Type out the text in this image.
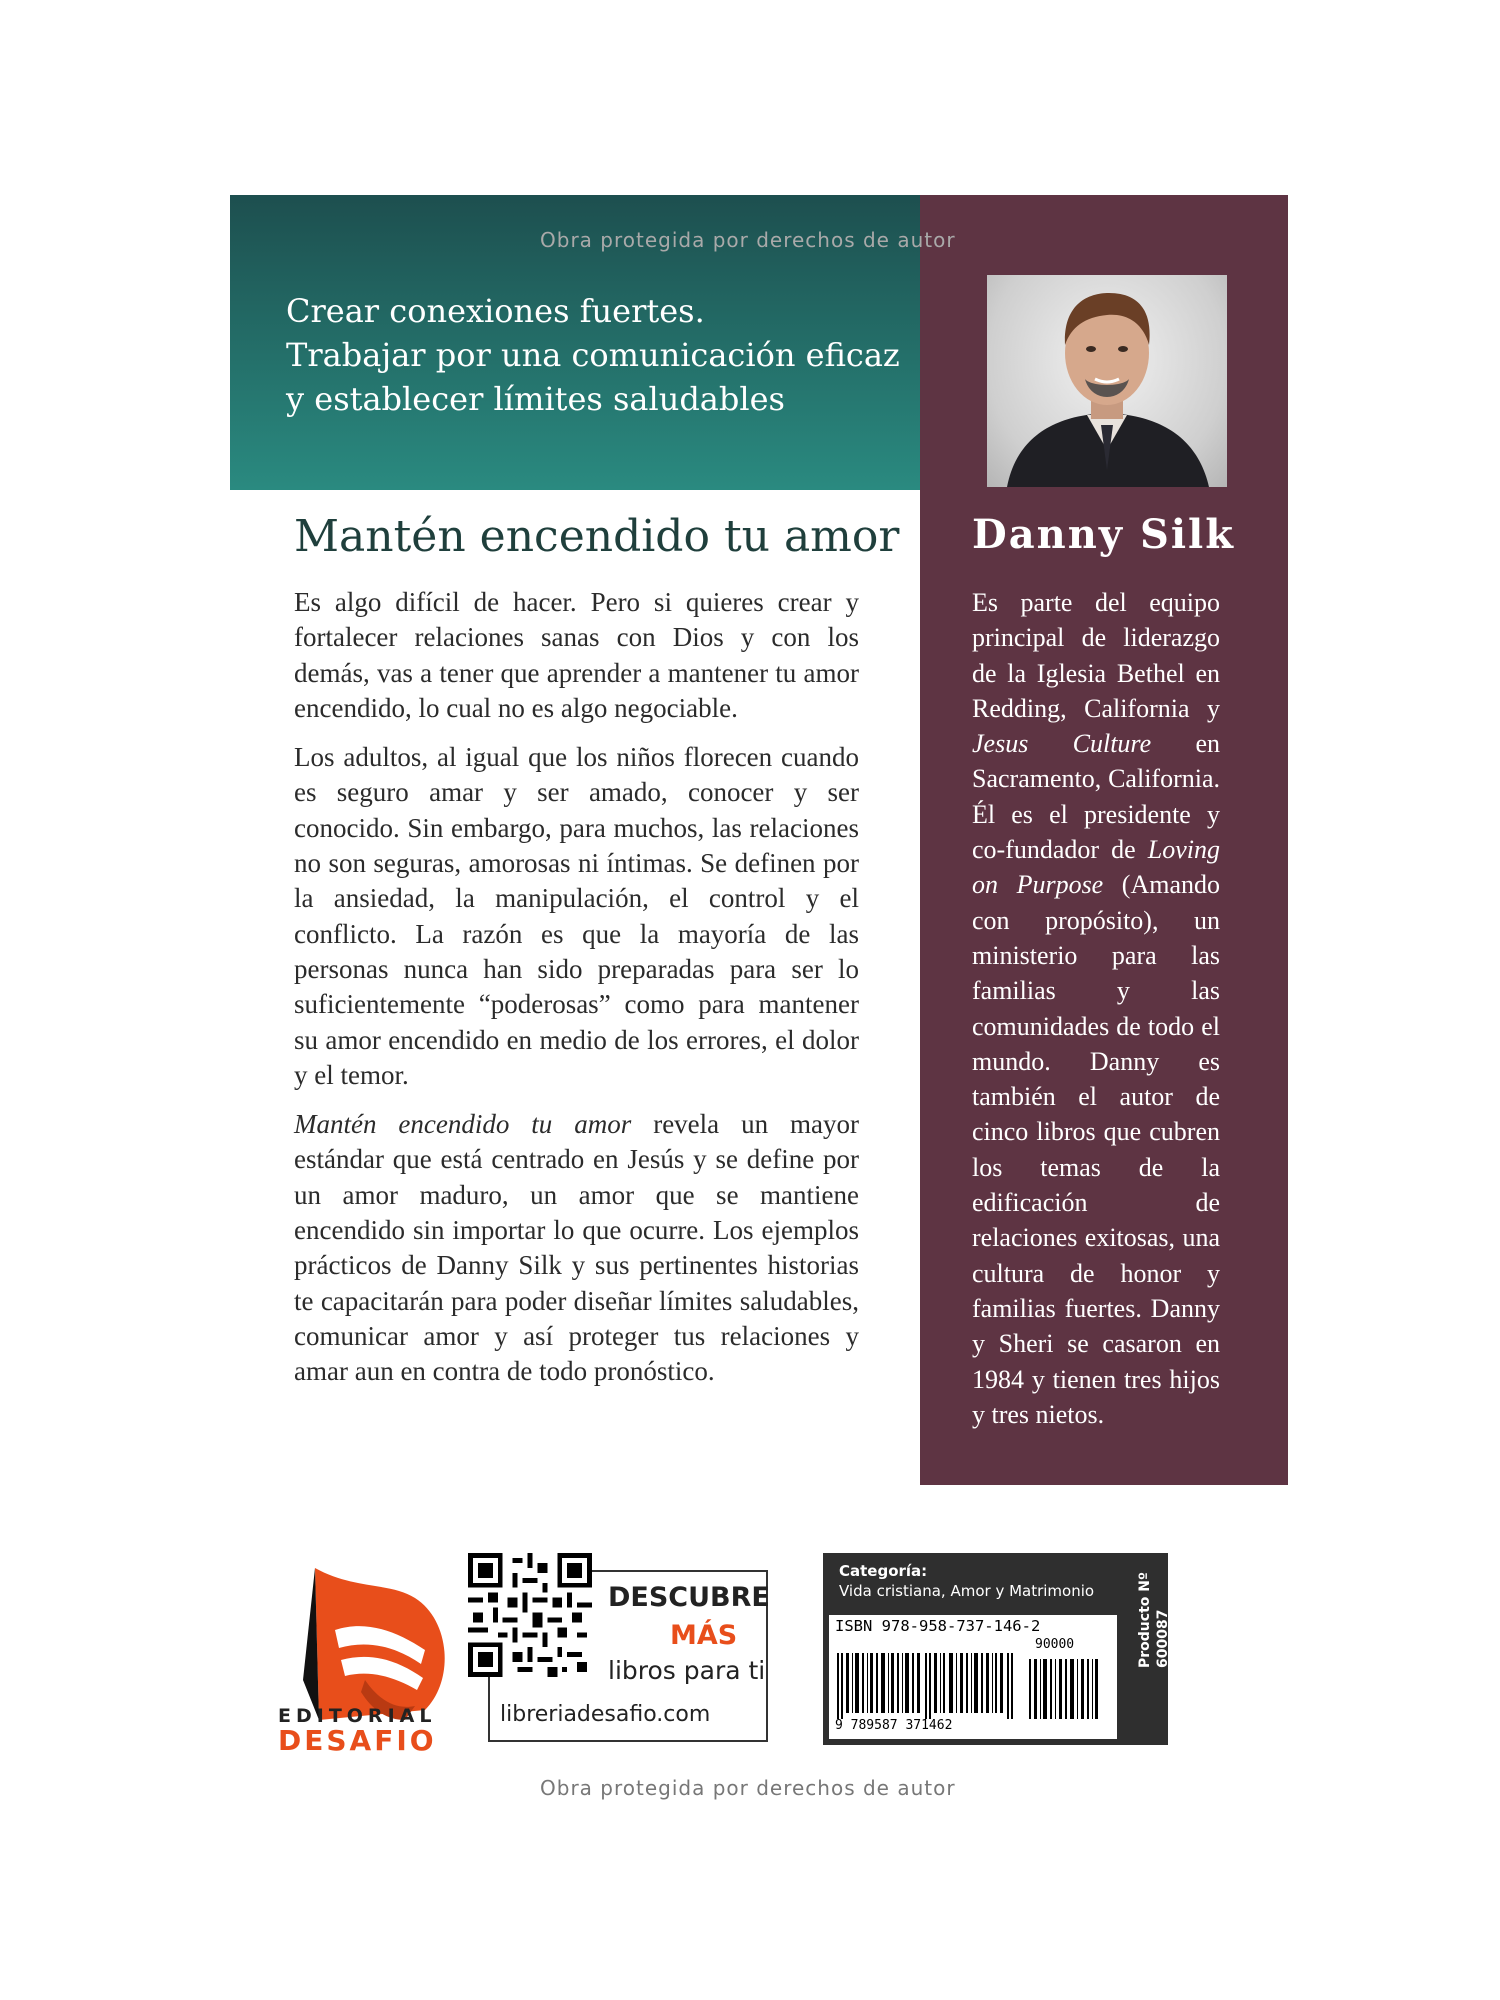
Obra protegida por derechos de autor
Obra protegida por derechos de autor
Crear conexiones fuertes.
Trabajar por una comunicación eficaz
y establecer límites saludables
Mantén encendido tu amor	Danny Silk

Es algo difícil de hacer. Pero si quieres crear y fortalecer relaciones sanas con Dios y con los demás, vas a tener que aprender a mantener tu amor encendido, lo cual no es algo negociable.

Los adultos, al igual que los niños florecen cuando es seguro amar y ser amado, conocer y ser conocido. Sin embargo, para muchos, las relaciones no son seguras, amorosas ni íntimas. Se definen por la ansiedad, la manipulación, el control y el conflicto. La razón es que la mayoría de las personas nunca han sido preparadas para ser lo suficientemente “poderosas” como para mantener su amor encendido en medio de los errores, el dolor y el temor.

Mantén encendido tu amor revela un mayor estándar que está centrado en Jesús y se define por un amor maduro, un amor que se mantiene encendido sin importar lo que ocurre. Los ejemplos prácticos de Danny Silk y sus pertinentes historias te capacitarán para poder diseñar límites saludables, comunicar amor y así proteger tus relaciones y amar aun en contra de todo pronóstico.

Es parte del equipo principal de liderazgo de la Iglesia Bethel en Redding, California y Jesus Culture en Sacramento, California. Él es el presidente y co-fundador de Loving on Purpose (Amando con propósito), un ministerio para las familias y las comunidades de todo el mundo. Danny es también el autor de cinco libros que cubren los temas de la edificación de relaciones exitosas, una cultura de honor y familias fuertes. Danny y Sheri se casaron en 1984 y tienen tres hijos y tres nietos.

EDITORIAL
DESAFIO
DESCUBRE
MÁS
libros para ti
libreriadesafio.com
Categoría:
Vida cristiana, Amor y Matrimonio
ISBN 978-958-737-146-2
90000
9 789587 371462
Producto Nº 600087
